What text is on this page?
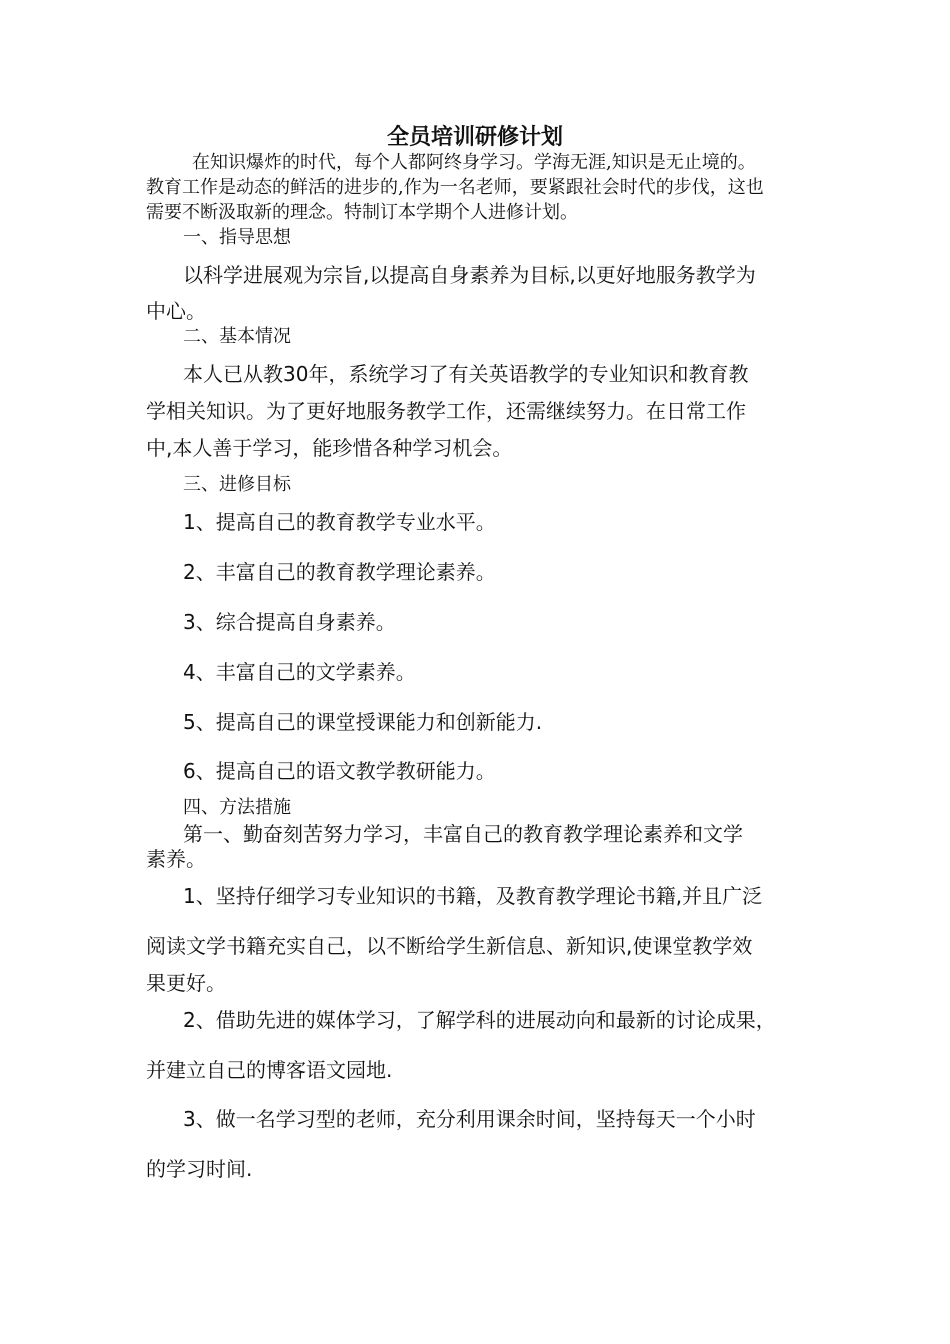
全员培训研修计划
在知识爆炸的时代，每个人都阿终身学习。学海无涯,知识是无止境的。
教育工作是动态的鲜活的进步的,作为一名老师，要紧跟社会时代的步伐，这也
需要不断汲取新的理念。特制订本学期个人进修计划。
一、指导思想
以科学进展观为宗旨,以提高自身素养为目标,以更好地服务教学为
中心。
二、基本情况
本人已从教30年，系统学习了有关英语教学的专业知识和教育教
学相关知识。为了更好地服务教学工作，还需继续努力。在日常工作
中,本人善于学习，能珍惜各种学习机会。
三、进修目标
1、提高自己的教育教学专业水平。
2、丰富自己的教育教学理论素养。
3、综合提高自身素养。
4、丰富自己的文学素养。
5、提高自己的课堂授课能力和创新能力.
6、提高自己的语文教学教研能力。
四、方法措施
第一、勤奋刻苦努力学习，丰富自己的教育教学理论素养和文学
素养。
1、坚持仔细学习专业知识的书籍，及教育教学理论书籍,并且广泛
阅读文学书籍充实自己，以不断给学生新信息、新知识,使课堂教学效
果更好。
2、借助先进的媒体学习，了解学科的进展动向和最新的讨论成果，
并建立自己的博客语文园地.
3、做一名学习型的老师，充分利用课余时间，坚持每天一个小时
的学习时间.
